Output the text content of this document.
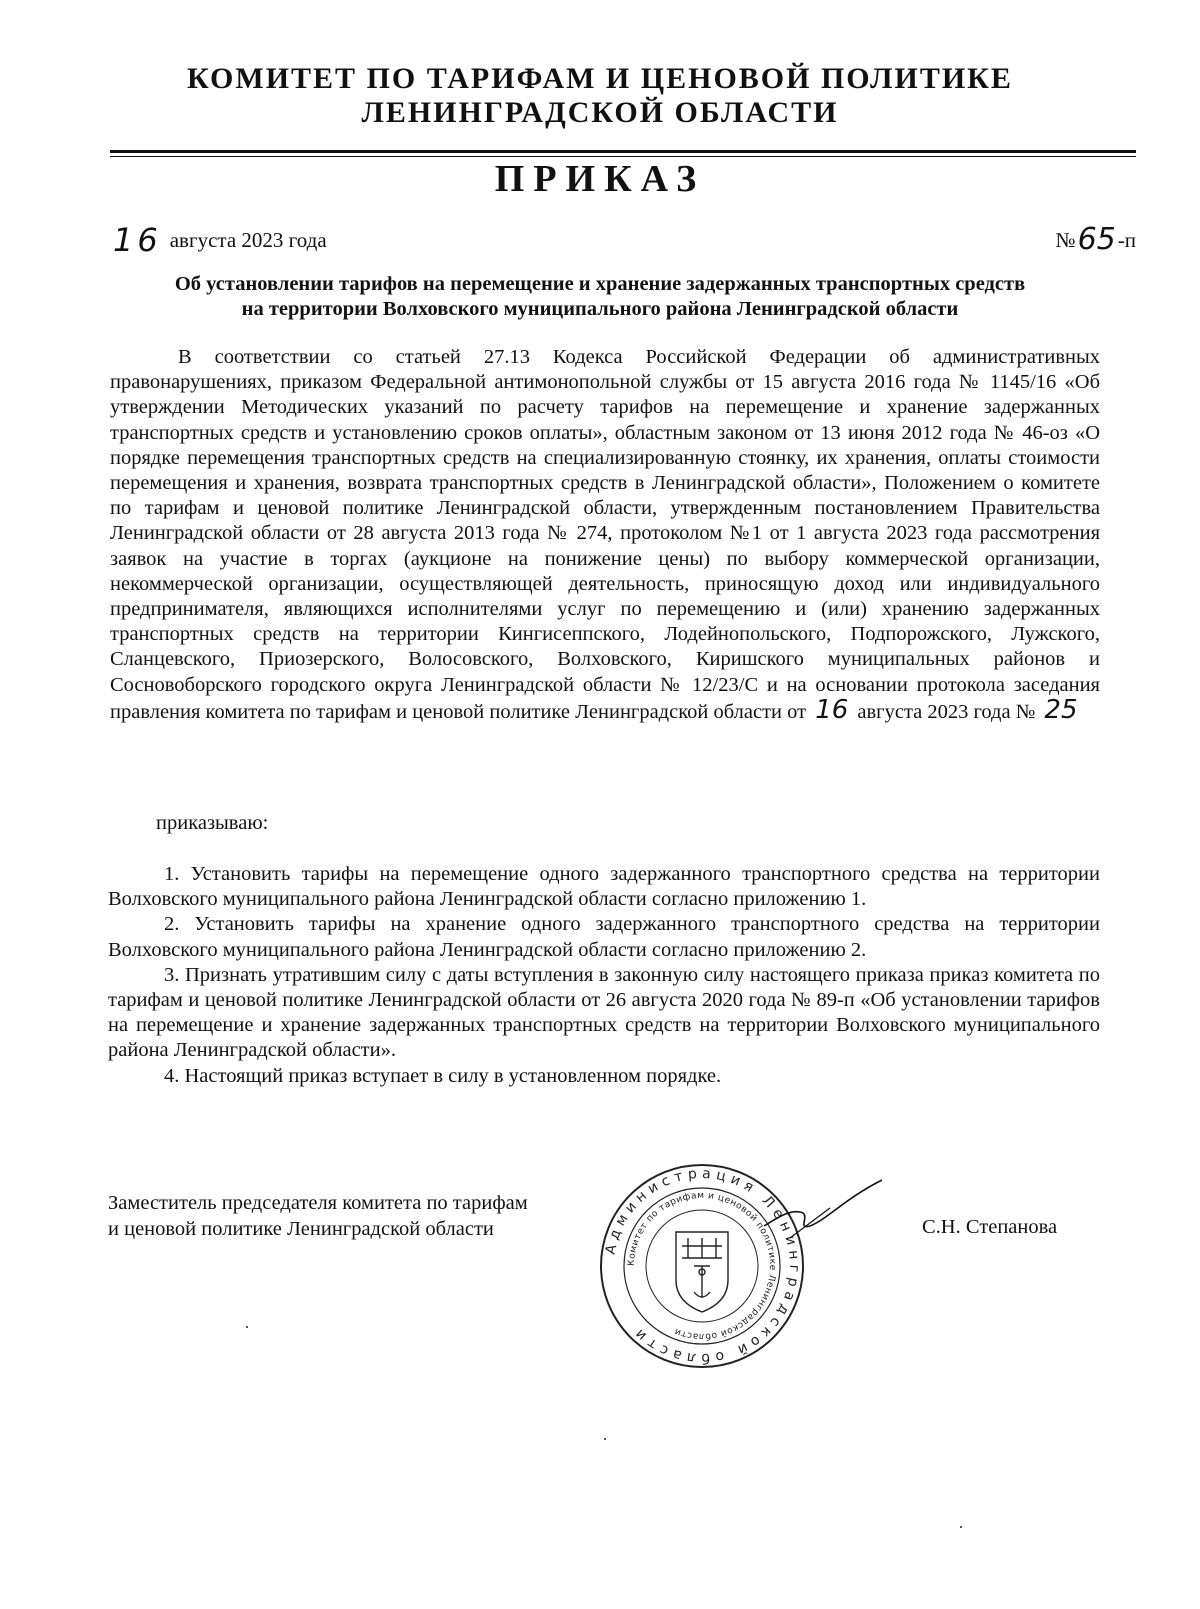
КОМИТЕТ ПО ТАРИФАМ И ЦЕНОВОЙ ПОЛИТИКЕ
ЛЕНИНГРАДСКОЙ ОБЛАСТИ
ПРИКАЗ
16 августа 2023 года	№ 65 -п
Об установлении тарифов на перемещение и хранение задержанных транспортных средств
на территории Волховского муниципального района Ленинградской области
В соответствии со статьей 27.13 Кодекса Российской Федерации об административных правонарушениях, приказом Федеральной антимонопольной службы от 15 августа 2016 года № 1145/16 «Об утверждении Методических указаний по расчету тарифов на перемещение и хранение задержанных транспортных средств и установлению сроков оплаты», областным законом от 13 июня 2012 года № 46-оз «О порядке перемещения транспортных средств на специализированную стоянку, их хранения, оплаты стоимости перемещения и хранения, возврата транспортных средств в Ленинградской области», Положением о комитете по тарифам и ценовой политике Ленинградской области, утвержденным постановлением Правительства Ленинградской области от 28 августа 2013 года № 274, протоколом №1 от 1 августа 2023 года рассмотрения заявок на участие в торгах (аукционе на понижение цены) по выбору коммерческой организации, некоммерческой организации, осуществляющей деятельность, приносящую доход или индивидуального предпринимателя, являющихся исполнителями услуг по перемещению и (или) хранению задержанных транспортных средств на территории Кингисеппского, Лодейнопольского, Подпорожского, Лужского, Сланцевского, Приозерского, Волосовского, Волховского, Киришского муниципальных районов и Сосновоборского городского округа Ленинградской области № 12/23/С и на основании протокола заседания правления комитета по тарифам и ценовой политике Ленинградской области от 16 августа 2023 года № 25
приказываю:

1. Установить тарифы на перемещение одного задержанного транспортного средства на территории Волховского муниципального района Ленинградской области согласно приложению 1.

2. Установить тарифы на хранение одного задержанного транспортного средства на территории Волховского муниципального района Ленинградской области согласно приложению 2.

3. Признать утратившим силу с даты вступления в законную силу настоящего приказа приказ комитета по тарифам и ценовой политике Ленинградской области от 26 августа 2020 года № 89-п «Об установлении тарифов на перемещение и хранение задержанных транспортных средств на территории Волховского муниципального района Ленинградской области».

4. Настоящий приказ вступает в силу в установленном порядке.

Заместитель председателя комитета по тарифам
и ценовой политике Ленинградской области
Администрация Ленинградской области
Комитет по тарифам и ценовой политике Ленинградской области
С.Н. Степанова
